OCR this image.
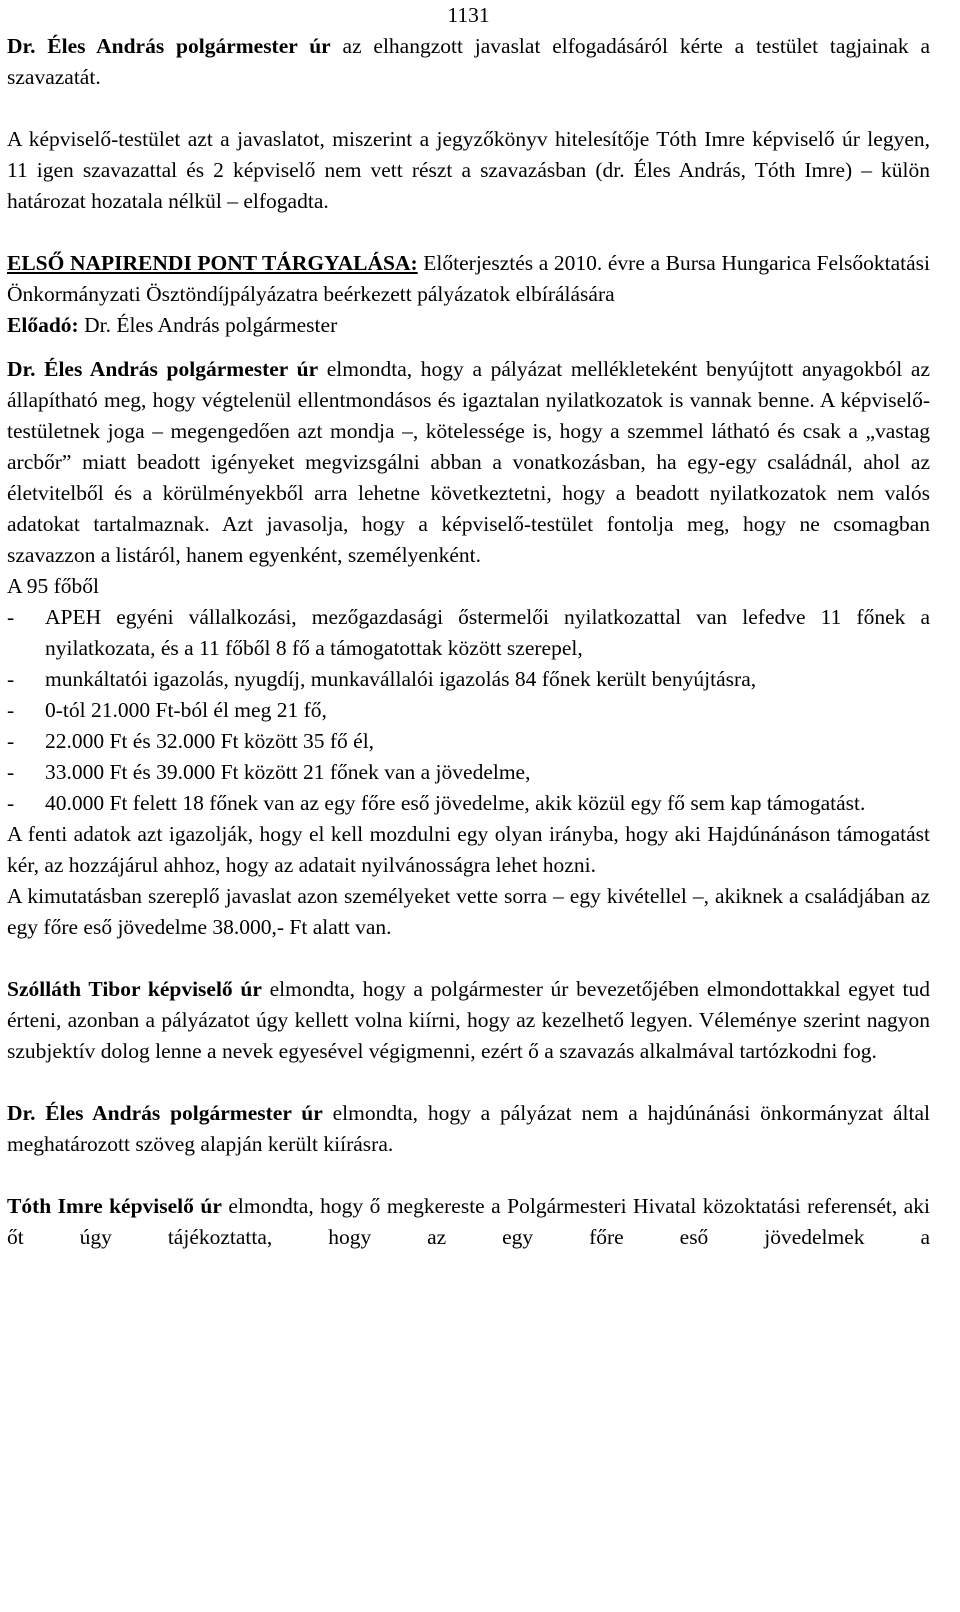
1131

Dr. Éles András polgármester úr az elhangzott javaslat elfogadásáról kérte a testület tagjainak a szavazatát.

A képviselő-testület azt a javaslatot, miszerint a jegyzőkönyv hitelesítője Tóth Imre képviselő úr legyen, 11 igen szavazattal és 2 képviselő nem vett részt a szavazásban (dr. Éles András, Tóth Imre) – külön határozat hozatala nélkül – elfogadta.

ELSŐ NAPIRENDI PONT TÁRGYALÁSA: Előterjesztés a 2010. évre a Bursa Hungarica Felsőoktatási Önkormányzati Ösztöndíjpályázatra beérkezett pályázatok elbírálására

Előadó: Dr. Éles András polgármester

Dr. Éles András polgármester úr elmondta, hogy a pályázat mellékleteként benyújtott anyagokból az állapítható meg, hogy végtelenül ellentmondásos és igaztalan nyilatkozatok is vannak benne. A képviselő-testületnek joga – megengedően azt mondja –, kötelessége is, hogy a szemmel látható és csak a „vastag arcbőr” miatt beadott igényeket megvizsgálni abban a vonatkozásban, ha egy-egy családnál, ahol az életvitelből és a körülményekből arra lehetne következtetni, hogy a beadott nyilatkozatok nem valós adatokat tartalmaznak. Azt javasolja, hogy a képviselő-testület fontolja meg, hogy ne csomagban szavazzon a listáról, hanem egyenként, személyenként.

A 95 főből

-	APEH egyéni vállalkozási, mezőgazdasági őstermelői nyilatkozattal van lefedve 11 főnek a nyilatkozata, és a 11 főből 8 fő a támogatottak között szerepel,
-	munkáltatói igazolás, nyugdíj, munkavállalói igazolás 84 főnek került benyújtásra,
-	0-tól 21.000 Ft-ból él meg 21 fő,
-	22.000 Ft és 32.000 Ft között 35 fő él,
-	33.000 Ft és 39.000 Ft között 21 főnek van a jövedelme,
-	40.000 Ft felett 18 főnek van az egy főre eső jövedelme, akik közül egy fő sem kap támogatást.

A fenti adatok azt igazolják, hogy el kell mozdulni egy olyan irányba, hogy aki Hajdúnánáson támogatást kér, az hozzájárul ahhoz, hogy az adatait nyilvánosságra lehet hozni.

A kimutatásban szereplő javaslat azon személyeket vette sorra – egy kivétellel –, akiknek a családjában az egy főre eső jövedelme 38.000,- Ft alatt van.

Szólláth Tibor képviselő úr elmondta, hogy a polgármester úr bevezetőjében elmondottakkal egyet tud érteni, azonban a pályázatot úgy kellett volna kiírni, hogy az kezelhető legyen. Véleménye szerint nagyon szubjektív dolog lenne a nevek egyesével végigmenni, ezért ő a szavazás alkalmával tartózkodni fog.

Dr. Éles András polgármester úr elmondta, hogy a pályázat nem a hajdúnánási önkormányzat által meghatározott szöveg alapján került kiírásra.

Tóth Imre képviselő úr elmondta, hogy ő megkereste a Polgármesteri Hivatal közoktatási referensét, aki őt úgy tájékoztatta, hogy az egy főre eső jövedelmek a
